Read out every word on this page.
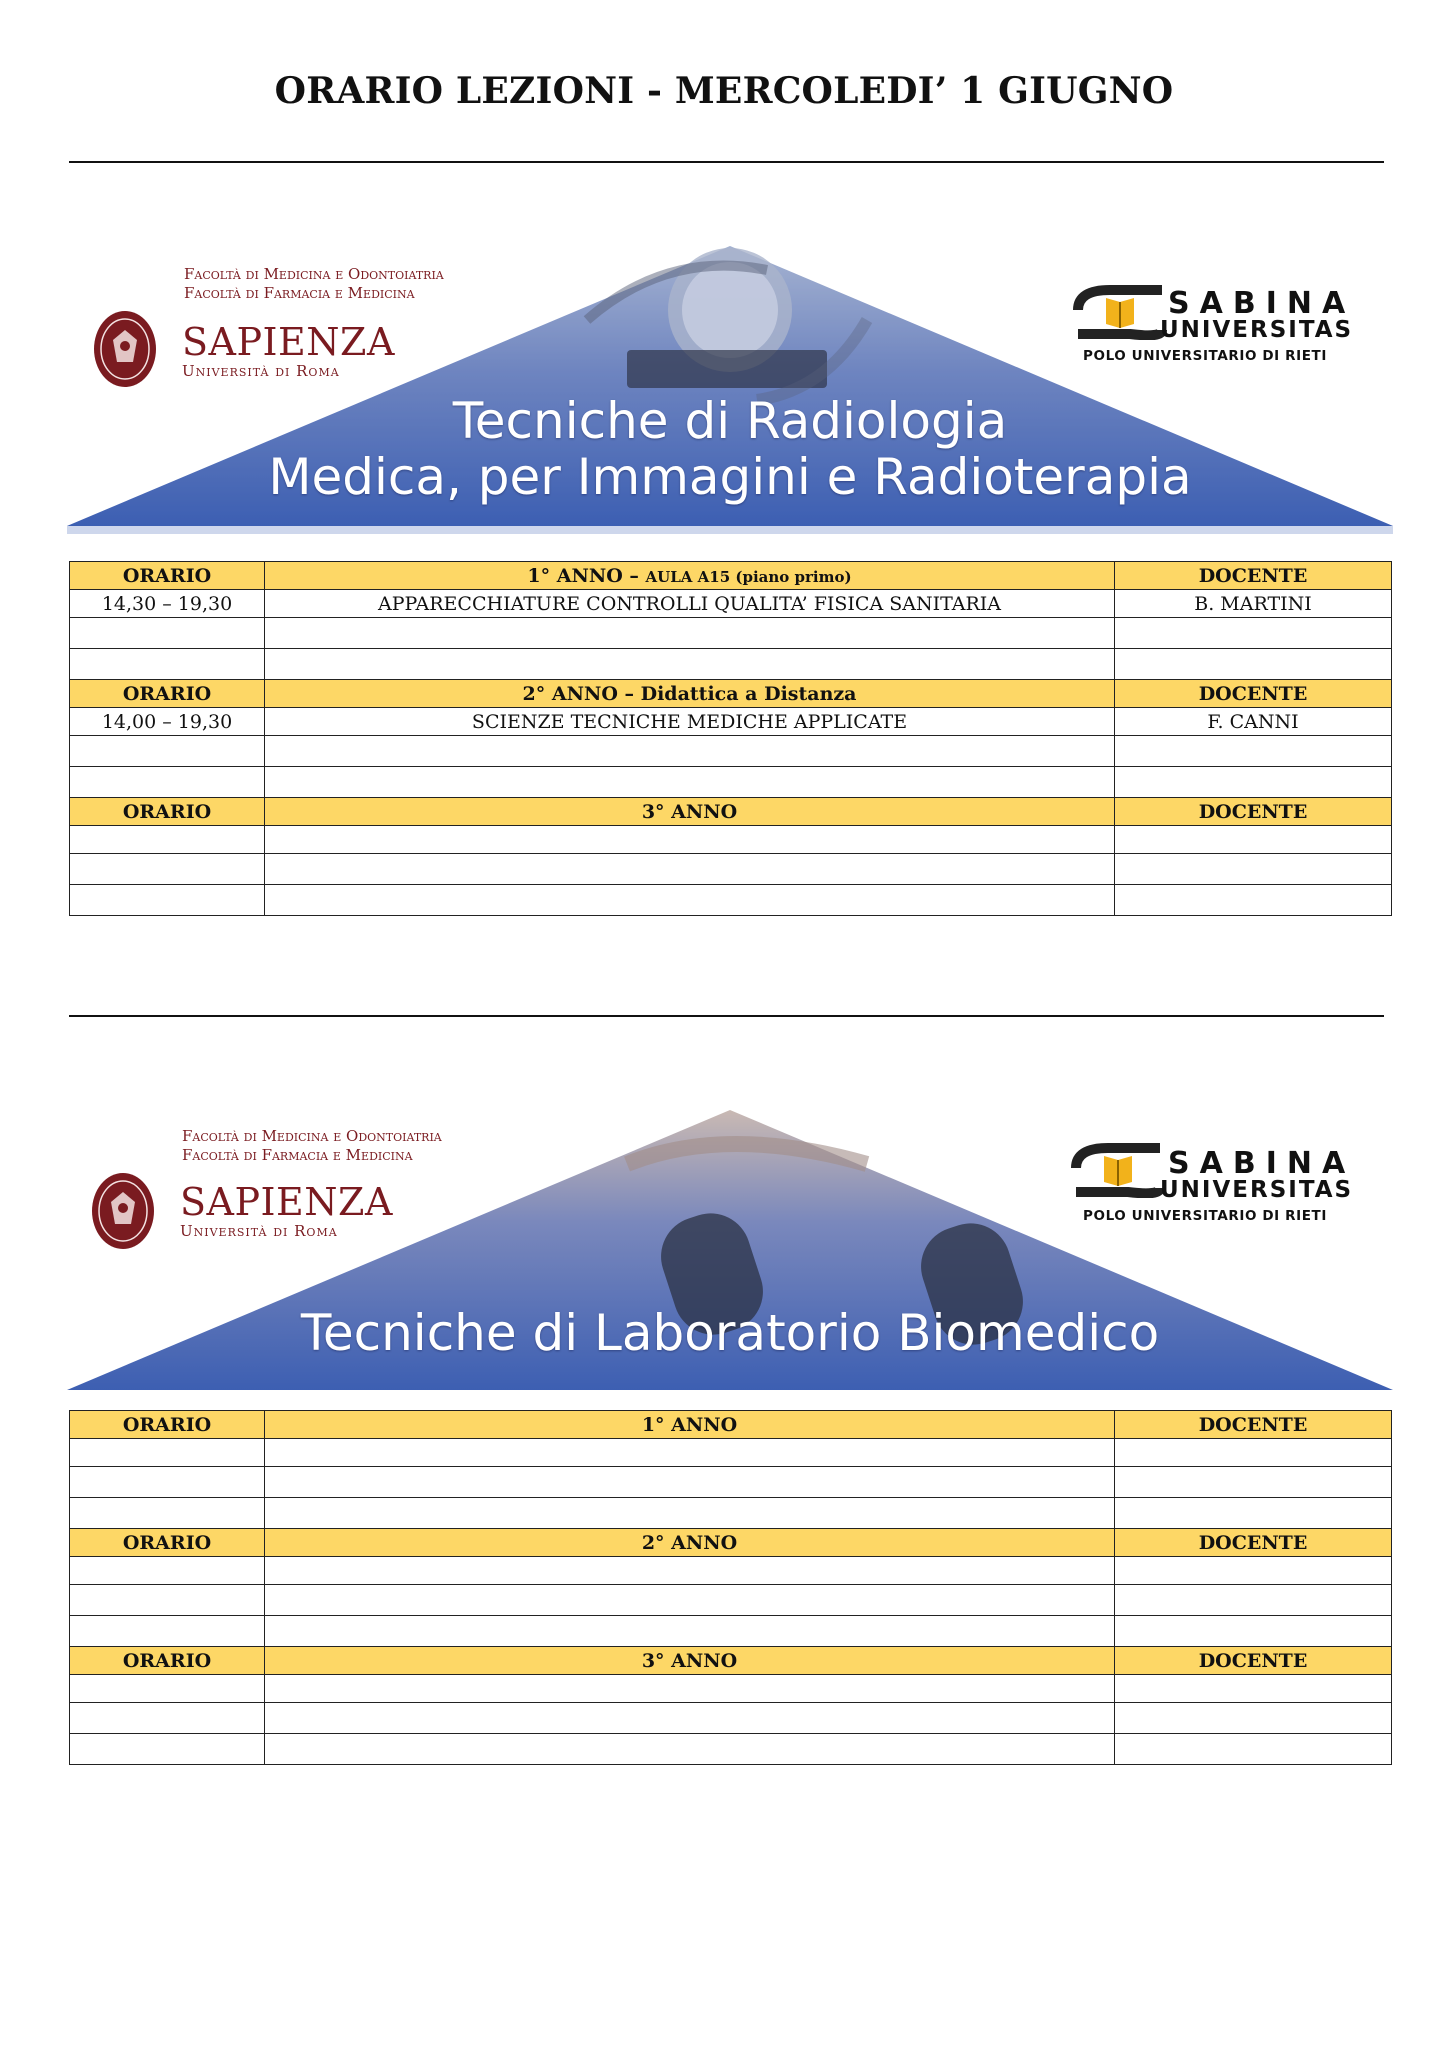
ORARIO LEZIONI - MERCOLEDI’ 1 GIUGNO
Facoltà di Medicina e Odontoiatria
Facoltà di Farmacia e Medicina
SAPIENZA
Università di Roma
SABINA
UNIVERSITAS
POLO UNIVERSITARIO DI RIETI
Tecniche di Radiologia
Medica, per Immagini e Radioterapia
ORARIO	1° ANNO – AULA A15 (piano primo)	DOCENTE
14,30 – 19,30	APPARECCHIATURE CONTROLLI QUALITA’ FISICA SANITARIA	B. MARTINI

ORARIO	2° ANNO – Didattica a Distanza	DOCENTE
14,00 – 19,30	SCIENZE TECNICHE MEDICHE APPLICATE	F. CANNI

ORARIO	3° ANNO	DOCENTE

Facoltà di Medicina e Odontoiatria
Facoltà di Farmacia e Medicina
SAPIENZA
Università di Roma
SABINA
UNIVERSITAS
POLO UNIVERSITARIO DI RIETI
Tecniche di Laboratorio Biomedico
ORARIO	1° ANNO	DOCENTE

ORARIO	2° ANNO	DOCENTE

ORARIO	3° ANNO	DOCENTE
